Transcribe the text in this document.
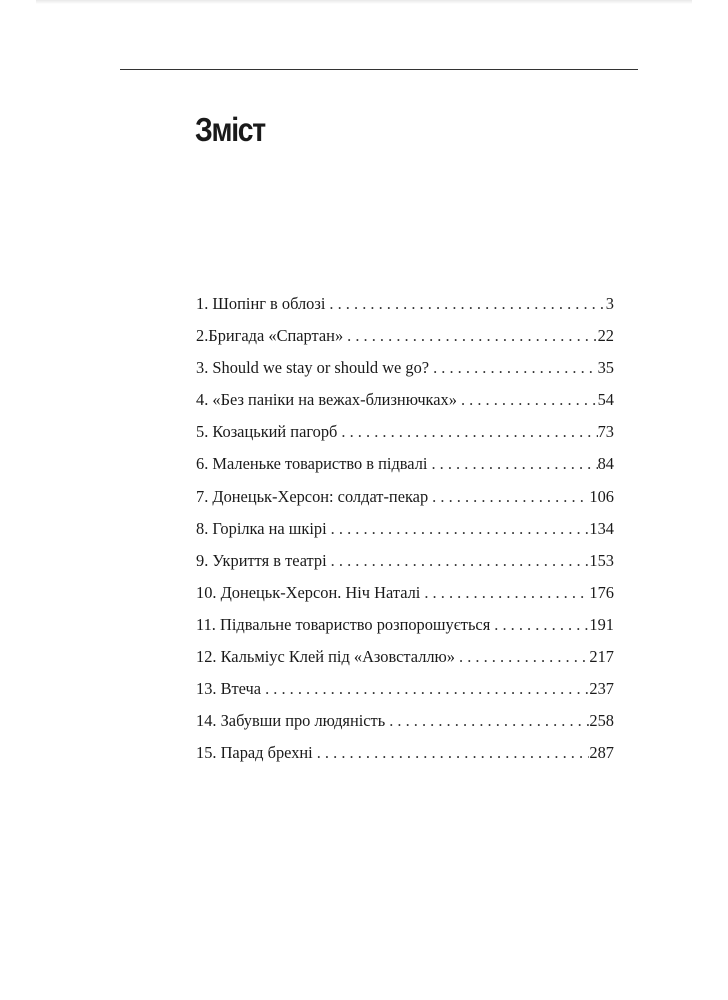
Зміст
1. Шопінг в облозі . . .	3
2.Бригада «Спартан» . . .	22
3. Should we stay or should we go? . . .	35
4. «Без паніки на вежах-близнючках» . . .	54
5. Козацький пагорб . . .	73
6. Маленьке товариство в підвалі . . .	84
7. Донецьк-Херсон: солдат-пекар . . .	106
8. Горілка на шкірі . . .	134
9. Укриття в театрі . . .	153
10. Донецьк-Херсон. Ніч Наталі . . .	176
11. Підвальне товариство розпорошується . . .	191
12. Кальміус Клей під «Азовсталлю» . . .	217
13. Втеча . . .	237
14. Забувши про людяність . . .	258
15. Парад брехні . . .	287
